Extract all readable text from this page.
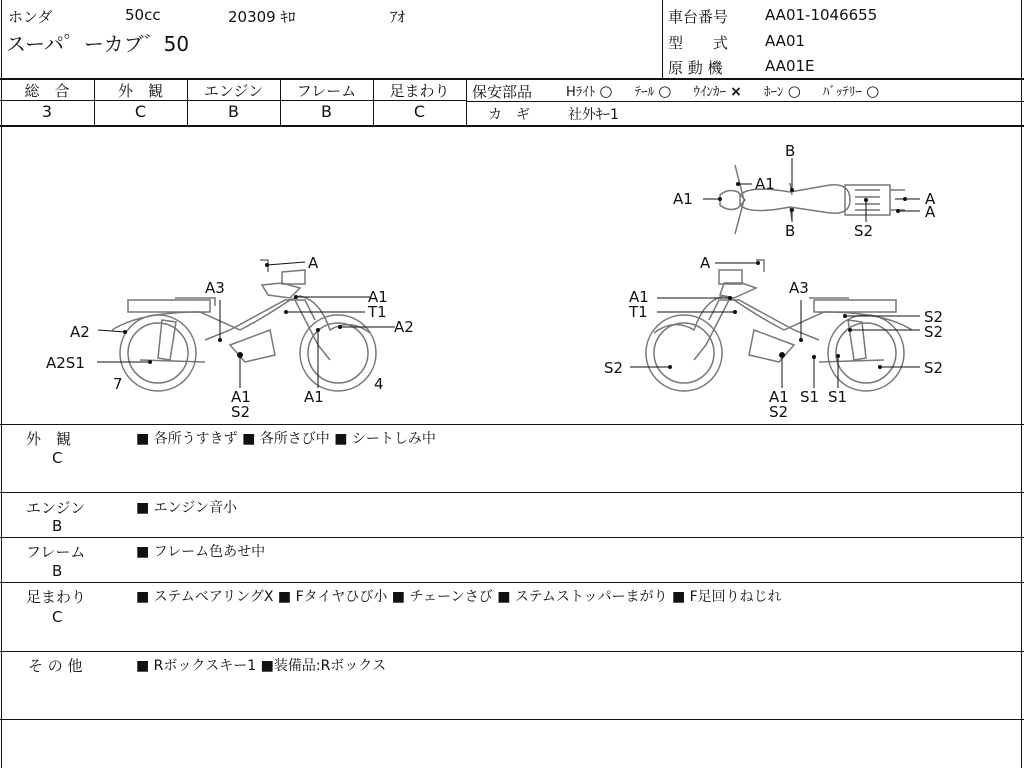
ホンダ	50cc	20309 ｷﾛ	ｱｵ
スーパ゜ーカブ゛50
車台番号 AA01-1046655
型　　式 AA01
原 動 機	AA01E
総　合	外　観	エンジン	フレーム	足まわり
3	C	B	B	C
保安部品	Hﾗｲﾄ ○ ﾃｰﾙ ○ ｳｲﾝｶｰ × ﾎｰﾝ ○ ﾊﾞｯﾃﾘｰ ○
カ　ギ	社外ｷｰ1
A
A3	A1
T1
A2
A2
A2S1
7
A1
S2
A1
4
A
A1
T1
A3
S2
S2
S2
S2
A1
S2
S1 S1
B
A1
A1	A
A
B	S2
外　観
C
■ 各所うすきず ■ 各所さび中 ■ シートしみ中
エンジン
B
■ エンジン音小
フレーム
B
■ フレーム色あせ中
足まわり
C
■ ステムベアリングX ■ Fタイヤひび小 ■ チェーンさび ■ ステムストッパーまがり ■ F足回りねじれ
そ の 他	■ Rボックスキー1 ■装備品:Rボックス
